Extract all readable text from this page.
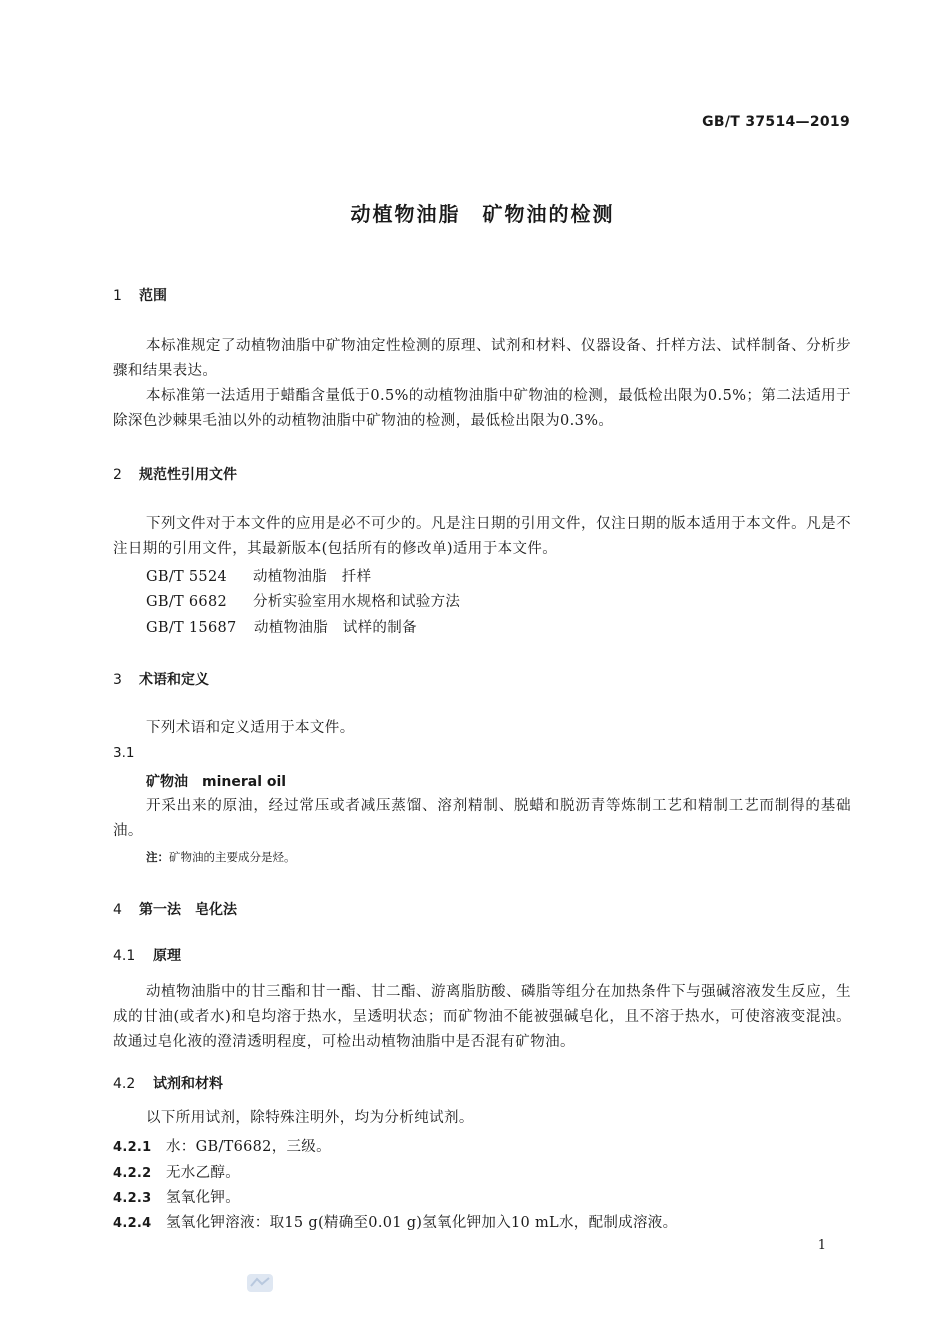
GB/T 37514—2019
动植物油脂　矿物油的检测
1 范围
本标准规定了动植物油脂中矿物油定性检测的原理、试剂和材料、仪器设备、扦样方法、试样制备、分析步骤和结果表达。
本标准第一法适用于蜡酯含量低于0.5%的动植物油脂中矿物油的检测，最低检出限为0.5%；第二法适用于除深色沙棘果毛油以外的动植物油脂中矿物油的检测，最低检出限为0.3%。
2 规范性引用文件
下列文件对于本文件的应用是必不可少的。凡是注日期的引用文件，仅注日期的版本适用于本文件。凡是不注日期的引用文件，其最新版本(包括所有的修改单)适用于本文件。
GB/T 5524 动植物油脂　扦样
GB/T 6682 分析实验室用水规格和试验方法
GB/T 15687 动植物油脂　试样的制备
3 术语和定义
下列术语和定义适用于本文件。
3.1
矿物油　mineral oil
开采出来的原油，经过常压或者减压蒸馏、溶剂精制、脱蜡和脱沥青等炼制工艺和精制工艺而制得的基础油。
注：矿物油的主要成分是烃。
4 第一法　皂化法
4.1 原理
动植物油脂中的甘三酯和甘一酯、甘二酯、游离脂肪酸、磷脂等组分在加热条件下与强碱溶液发生反应，生成的甘油(或者水)和皂均溶于热水，呈透明状态；而矿物油不能被强碱皂化，且不溶于热水，可使溶液变混浊。故通过皂化液的澄清透明程度，可检出动植物油脂中是否混有矿物油。
4.2 试剂和材料
以下所用试剂，除特殊注明外，均为分析纯试剂。
4.2.1 水：GB/T6682，三级。
4.2.2 无水乙醇。
4.2.3 氢氧化钾。
4.2.4 氢氧化钾溶液：取15 g(精确至0.01 g)氢氧化钾加入10 mL水，配制成溶液。
1
